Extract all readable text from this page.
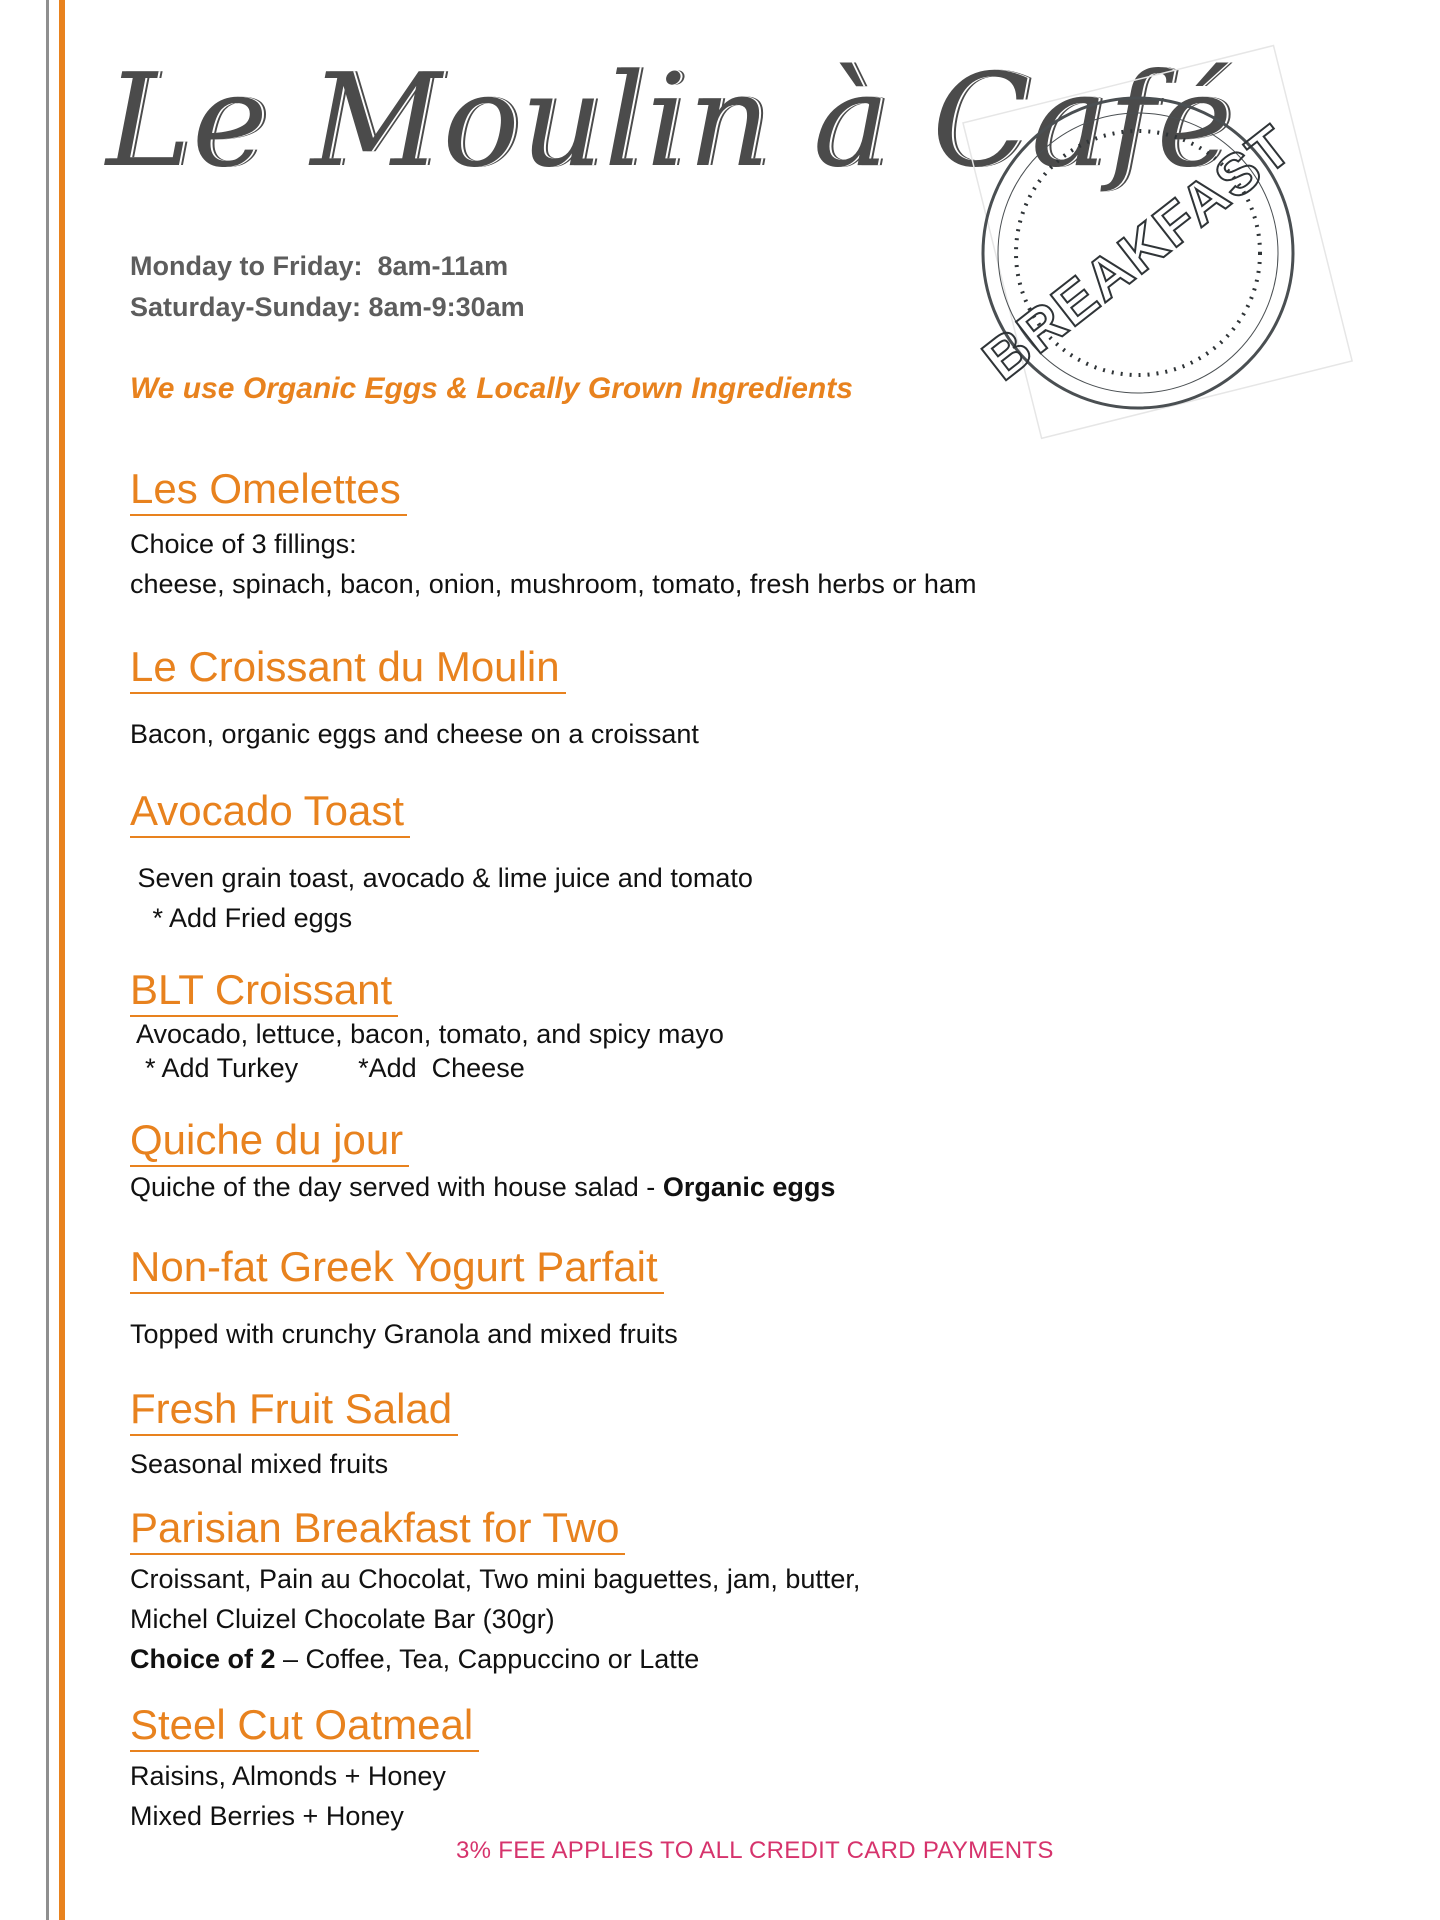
Le Moulin à Café
BREAKFAST
Monday to Friday:  8am-11am
Saturday-Sunday: 8am-9:30am
We use Organic Eggs & Locally Grown Ingredients
Les Omelettes
Choice of 3 fillings:
cheese, spinach, bacon, onion, mushroom, tomato, fresh herbs or ham
Le Croissant du Moulin
Bacon, organic eggs and cheese on a croissant
Avocado Toast
Seven grain toast, avocado & lime juice and tomato
* Add Fried eggs
BLT Croissant
Avocado, lettuce, bacon, tomato, and spicy mayo
* Add Turkey        *Add  Cheese
Quiche du jour
Quiche of the day served with house salad - Organic eggs
Non-fat Greek Yogurt Parfait
Topped with crunchy Granola and mixed fruits
Fresh Fruit Salad
Seasonal mixed fruits
Parisian Breakfast for Two
Croissant, Pain au Chocolat, Two mini baguettes, jam, butter,
Michel Cluizel Chocolate Bar (30gr)
Choice of 2 – Coffee, Tea, Cappuccino or Latte
Steel Cut Oatmeal
Raisins, Almonds + Honey
Mixed Berries + Honey
3% FEE APPLIES TO ALL CREDIT CARD PAYMENTS
